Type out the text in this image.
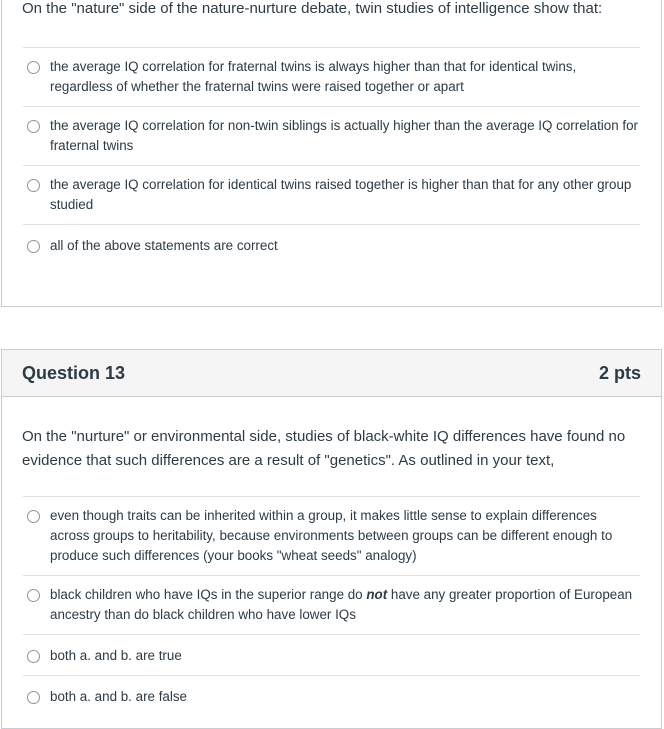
On the "nature" side of the nature-nurture debate, twin studies of intelligence show that:

the average IQ correlation for fraternal twins is always higher than that for identical twins, regardless of whether the fraternal twins were raised together or apart
the average IQ correlation for non-twin siblings is actually higher than the average IQ correlation for fraternal twins
the average IQ correlation for identical twins raised together is higher than that for any other group studied
all of the above statements are correct
Question 13	2 pts

On the "nurture" or environmental side, studies of black-white IQ differences have found no evidence that such differences are a result of "genetics". As outlined in your text,

even though traits can be inherited within a group, it makes little sense to explain differences across groups to heritability, because environments between groups can be different enough to produce such differences (your books "wheat seeds" analogy)
black children who have IQs in the superior range do not have any greater proportion of European ancestry than do black children who have lower IQs
both a. and b. are true
both a. and b. are false
